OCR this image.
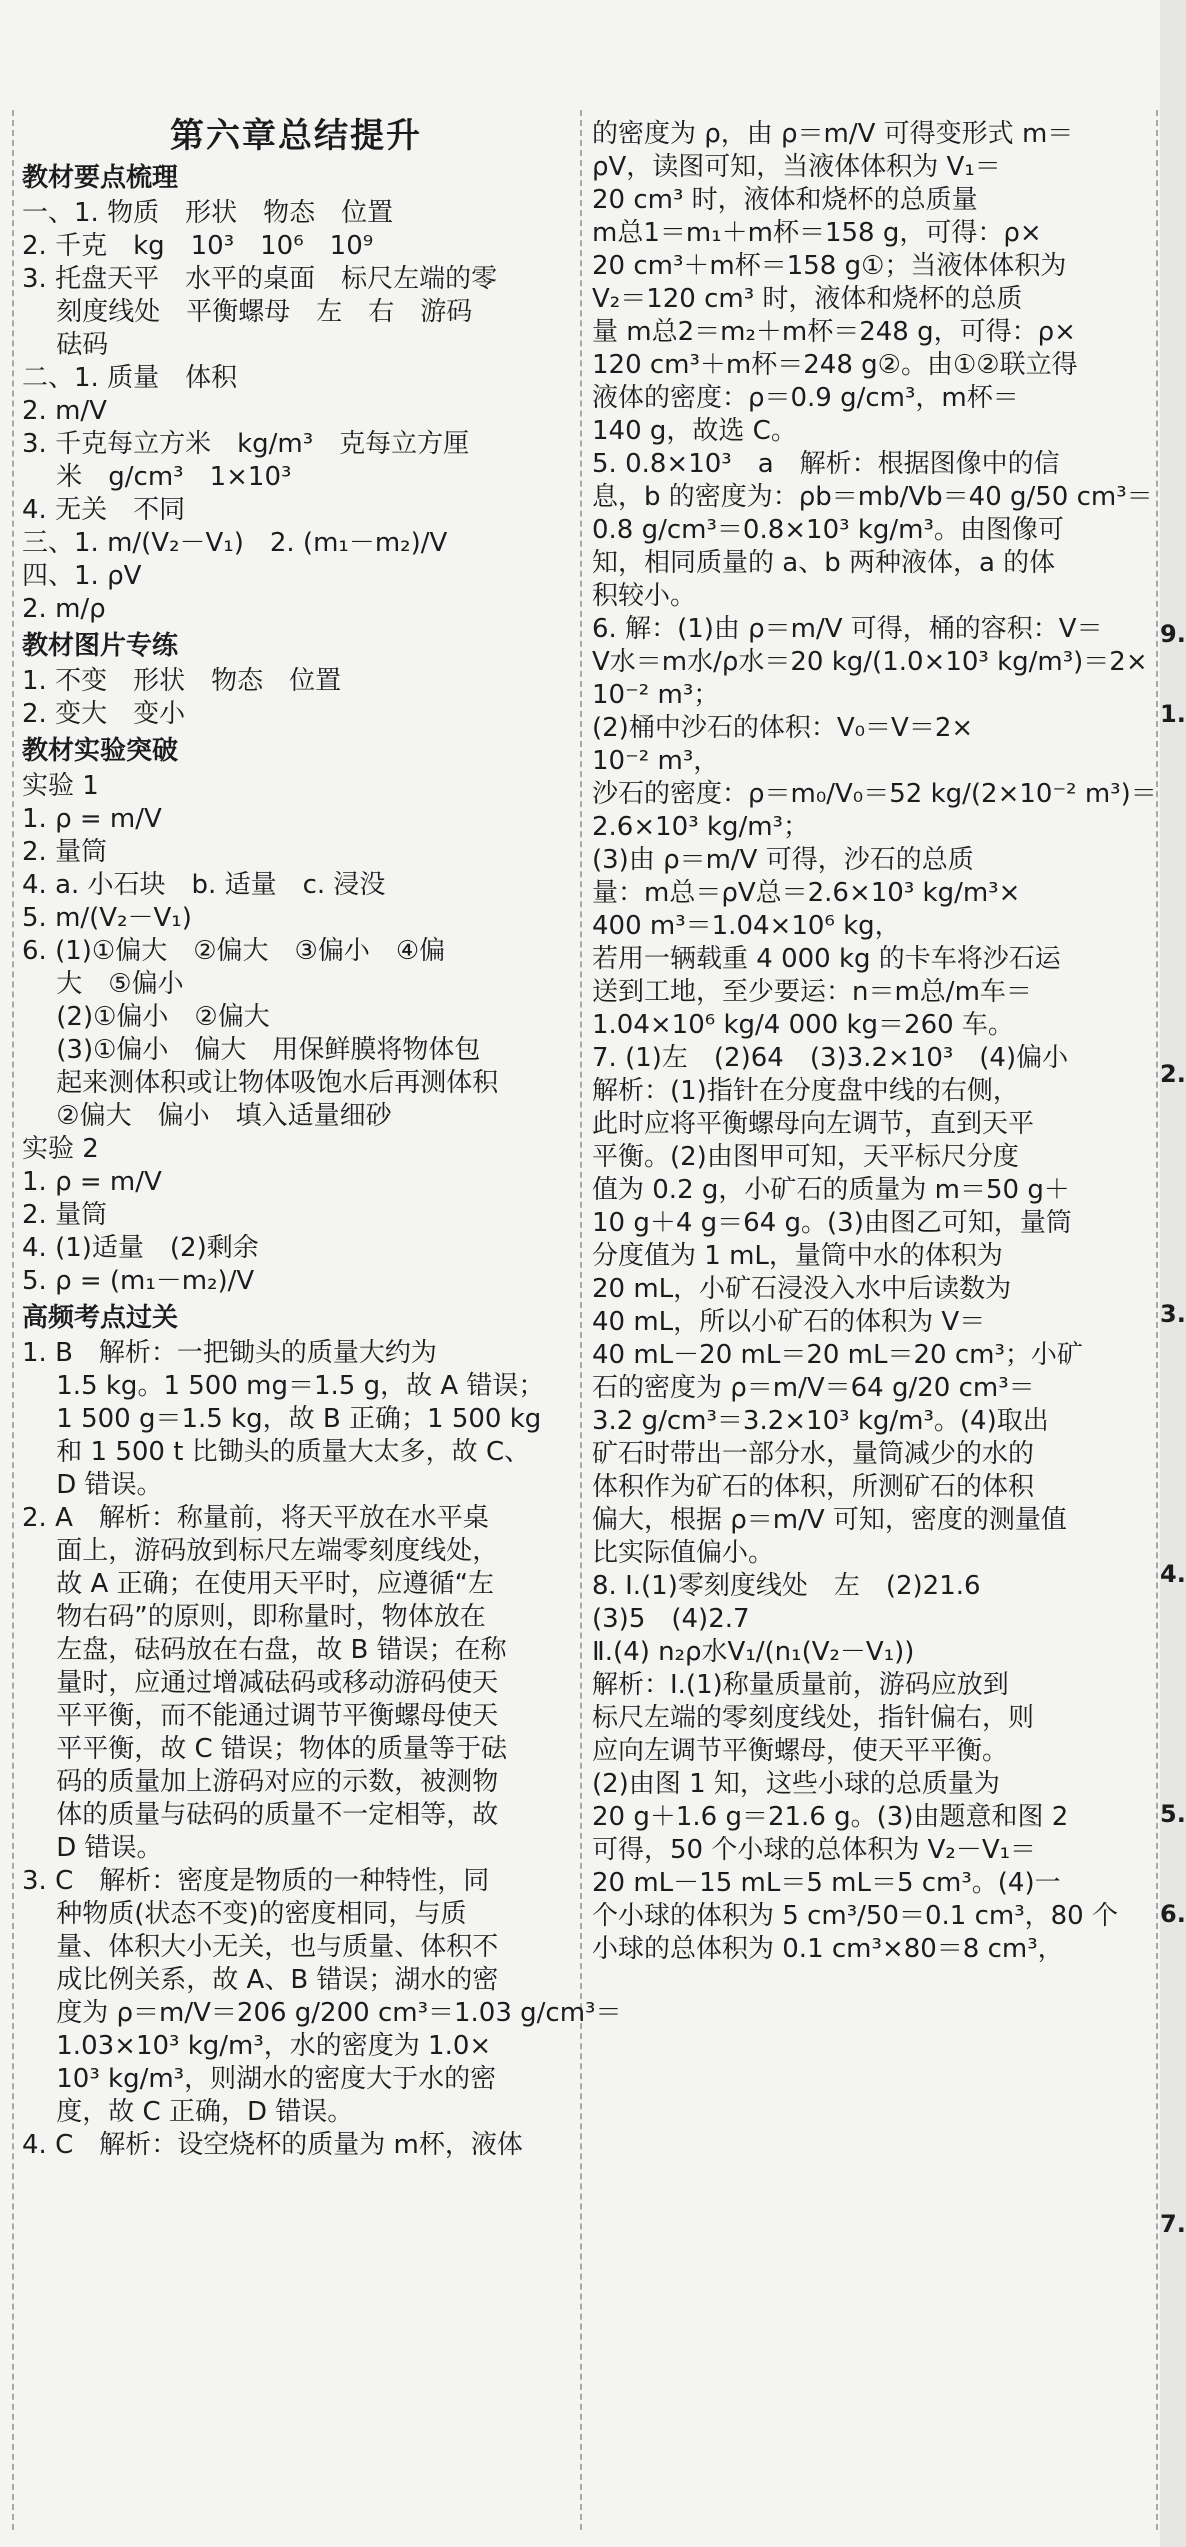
第六章总结提升
教材要点梳理
一、1. 物质　形状　物态　位置
2. 千克　kg　10³　10⁶　10⁹
3. 托盘天平　水平的桌面　标尺左端的零
　 刻度线处　平衡螺母　左　右　游码
　 砝码
二、1. 质量　体积
2. m/V
3. 千克每立方米　kg/m³　克每立方厘
　 米　g/cm³　1×10³
4. 无关　不同
三、1. m/(V₂－V₁)　2. (m₁－m₂)/V
四、1. ρV
2. m/ρ
教材图片专练
1. 不变　形状　物态　位置
2. 变大　变小
教材实验突破
实验 1
1. ρ = m/V
2. 量筒
4. a. 小石块　b. 适量　c. 浸没
5. m/(V₂－V₁)
6. (1)①偏大　②偏大　③偏小　④偏
　 大　⑤偏小
　 (2)①偏小　②偏大
　 (3)①偏小　偏大　用保鲜膜将物体包
　 起来测体积或让物体吸饱水后再测体积
　 ②偏大　偏小　填入适量细砂
实验 2
1. ρ = m/V
2. 量筒
4. (1)适量　(2)剩余
5. ρ = (m₁－m₂)/V
高频考点过关
1. B　解析：一把锄头的质量大约为
　 1.5 kg。1 500 mg＝1.5 g，故 A 错误；
　 1 500 g＝1.5 kg，故 B 正确；1 500 kg
　 和 1 500 t 比锄头的质量大太多，故 C、
　 D 错误。
2. A　解析：称量前，将天平放在水平桌
　 面上，游码放到标尺左端零刻度线处，
　 故 A 正确；在使用天平时，应遵循“左
　 物右码”的原则，即称量时，物体放在
　 左盘，砝码放在右盘，故 B 错误；在称
　 量时，应通过增减砝码或移动游码使天
　 平平衡，而不能通过调节平衡螺母使天
　 平平衡，故 C 错误；物体的质量等于砝
　 码的质量加上游码对应的示数，被测物
　 体的质量与砝码的质量不一定相等，故
　 D 错误。
3. C　解析：密度是物质的一种特性，同
　 种物质(状态不变)的密度相同，与质
　 量、体积大小无关，也与质量、体积不
　 成比例关系，故 A、B 错误；湖水的密
　 度为 ρ＝m/V＝206 g/200 cm³＝1.03 g/cm³＝
　 1.03×10³ kg/m³，水的密度为 1.0×
　 10³ kg/m³，则湖水的密度大于水的密
　 度，故 C 正确，D 错误。
4. C　解析：设空烧杯的质量为 m杯，液体
的密度为 ρ，由 ρ＝m/V 可得变形式 m＝
ρV，读图可知，当液体体积为 V₁＝
20 cm³ 时，液体和烧杯的总质量
m总1＝m₁＋m杯＝158 g，可得：ρ×
20 cm³＋m杯＝158 g①；当液体体积为
V₂＝120 cm³ 时，液体和烧杯的总质
量 m总2＝m₂＋m杯＝248 g，可得：ρ×
120 cm³＋m杯＝248 g②。由①②联立得
液体的密度：ρ＝0.9 g/cm³，m杯＝
140 g，故选 C。
5. 0.8×10³　a　解析：根据图像中的信
息，b 的密度为：ρb＝mb/Vb＝40 g/50 cm³＝
0.8 g/cm³＝0.8×10³ kg/m³。由图像可
知，相同质量的 a、b 两种液体，a 的体
积较小。
6. 解：(1)由 ρ＝m/V 可得，桶的容积：V＝
V水＝m水/ρ水＝20 kg/(1.0×10³ kg/m³)＝2×
10⁻² m³；
(2)桶中沙石的体积：V₀＝V＝2×
10⁻² m³，
沙石的密度：ρ＝m₀/V₀＝52 kg/(2×10⁻² m³)＝
2.6×10³ kg/m³；
(3)由 ρ＝m/V 可得，沙石的总质
量：m总＝ρV总＝2.6×10³ kg/m³×
400 m³＝1.04×10⁶ kg，
若用一辆载重 4 000 kg 的卡车将沙石运
送到工地，至少要运：n＝m总/m车＝
1.04×10⁶ kg/4 000 kg＝260 车。
7. (1)左　(2)64　(3)3.2×10³　(4)偏小
解析：(1)指针在分度盘中线的右侧，
此时应将平衡螺母向左调节，直到天平
平衡。(2)由图甲可知，天平标尺分度
值为 0.2 g，小矿石的质量为 m＝50 g＋
10 g＋4 g＝64 g。(3)由图乙可知，量筒
分度值为 1 mL，量筒中水的体积为
20 mL，小矿石浸没入水中后读数为
40 mL，所以小矿石的体积为 V＝
40 mL－20 mL＝20 mL＝20 cm³；小矿
石的密度为 ρ＝m/V＝64 g/20 cm³＝
3.2 g/cm³＝3.2×10³ kg/m³。(4)取出
矿石时带出一部分水，量筒减少的水的
体积作为矿石的体积，所测矿石的体积
偏大，根据 ρ＝m/V 可知，密度的测量值
比实际值偏小。
8. Ⅰ.(1)零刻度线处　左　(2)21.6
(3)5　(4)2.7
Ⅱ.(4) n₂ρ水V₁/(n₁(V₂－V₁))
解析：Ⅰ.(1)称量质量前，游码应放到
标尺左端的零刻度线处，指针偏右，则
应向左调节平衡螺母，使天平平衡。
(2)由图 1 知，这些小球的总质量为
20 g＋1.6 g＝21.6 g。(3)由题意和图 2
可得，50 个小球的总体积为 V₂－V₁＝
20 mL－15 mL＝5 mL＝5 cm³。(4)一
个小球的体积为 5 cm³/50＝0.1 cm³，80 个
小球的总体积为 0.1 cm³×80＝8 cm³，
9.
1.
2.
3.
4.
5.
6.
7.
